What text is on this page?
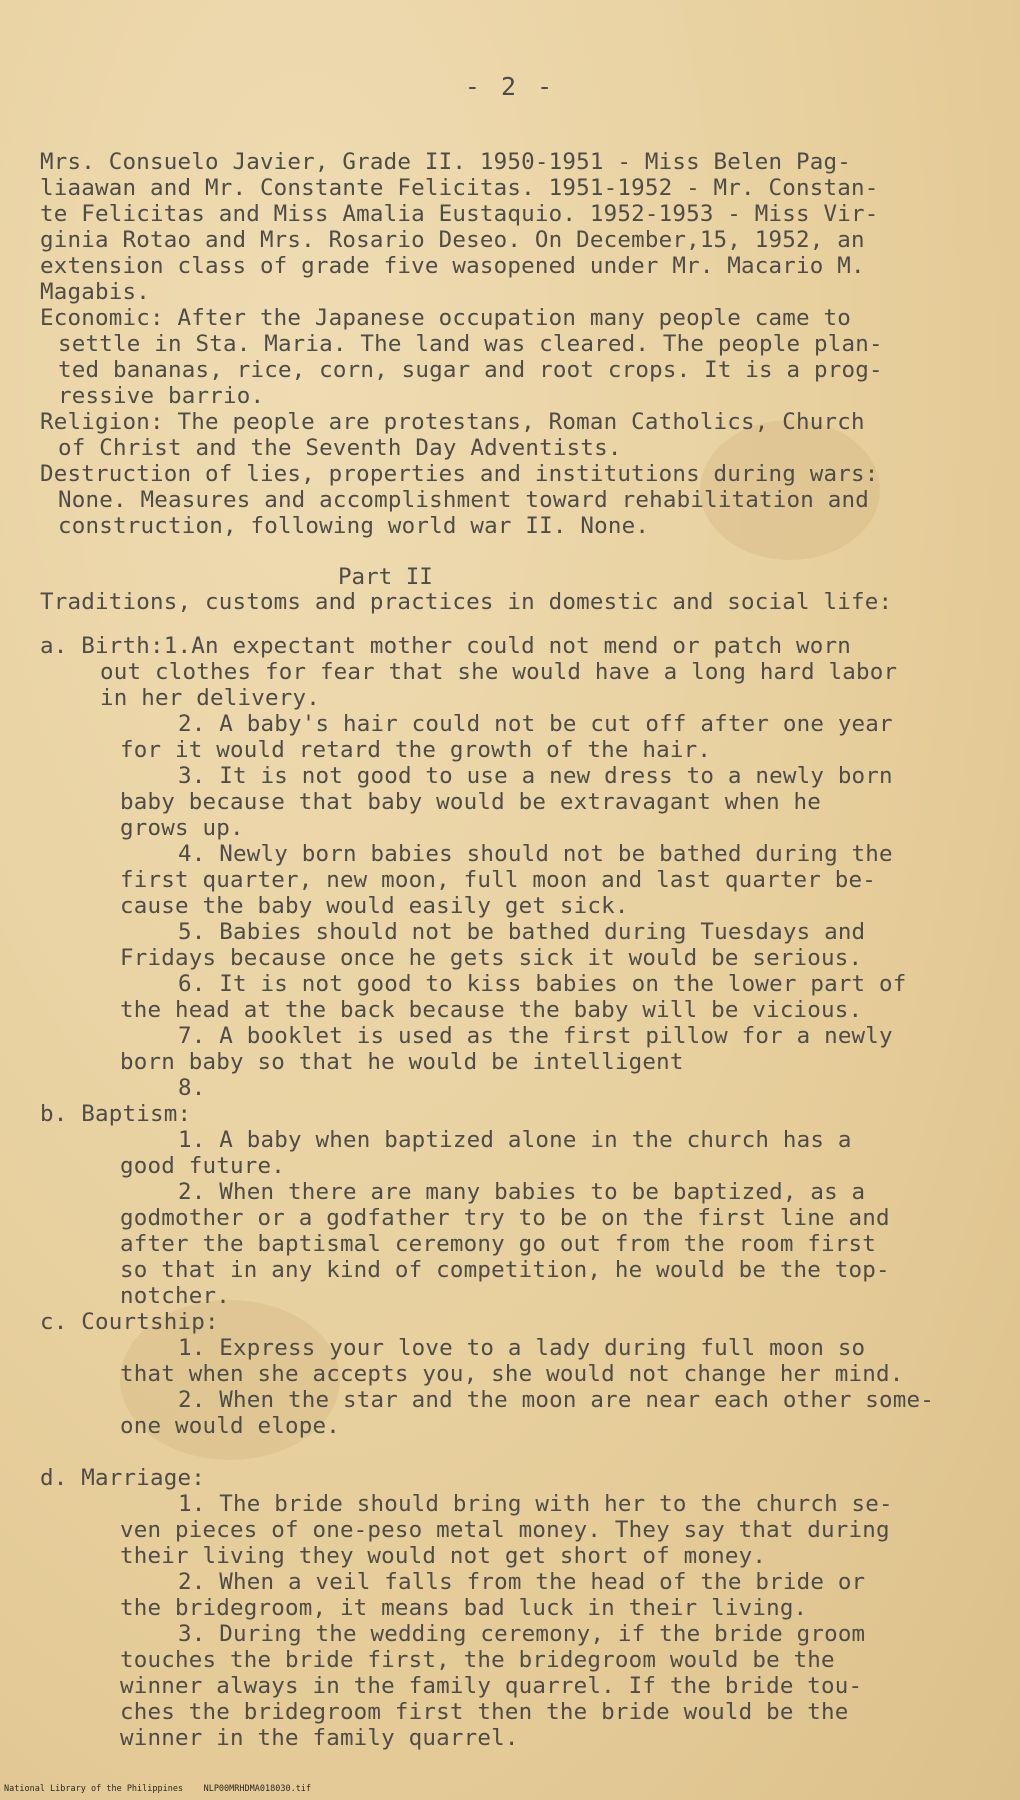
- 2 -
Mrs. Consuelo Javier, Grade II. 1950-1951 - Miss Belen Pag-
liaawan and Mr. Constante Felicitas. 1951-1952 - Mr. Constan-
te Felicitas and Miss Amalia Eustaquio. 1952-1953 - Miss Vir-
ginia Rotao and Mrs. Rosario Deseo. On December,15, 1952, an
extension class of grade five wasopened under Mr. Macario M.
Magabis.
Economic: After the Japanese occupation many people came to
settle in Sta. Maria. The land was cleared. The people plan-
ted bananas, rice, corn, sugar and root crops. It is a prog-
ressive barrio.
Religion: The people are protestans, Roman Catholics, Church
of Christ and the Seventh Day Adventists.
Destruction of lies, properties and institutions during wars:
None. Measures and accomplishment toward rehabilitation and
construction, following world war II. None.
Part II
Traditions, customs and practices in domestic and social life:
a. Birth:1.An expectant mother could not mend or patch worn
out clothes for fear that she would have a long hard labor
in her delivery.
2. A baby's hair could not be cut off after one year
for it would retard the growth of the hair.
3. It is not good to use a new dress to a newly born
baby because that baby would be extravagant when he
grows up.
4. Newly born babies should not be bathed during the
first quarter, new moon, full moon and last quarter be-
cause the baby would easily get sick.
5. Babies should not be bathed during Tuesdays and
Fridays because once he gets sick it would be serious.
6. It is not good to kiss babies on the lower part of
the head at the back because the baby will be vicious.
7. A booklet is used as the first pillow for a newly
born baby so that he would be intelligent
8.
b. Baptism:
1. A baby when baptized alone in the church has a
good future.
2. When there are many babies to be baptized, as a
godmother or a godfather try to be on the first line and
after the baptismal ceremony go out from the room first
so that in any kind of competition, he would be the top-
notcher.
c. Courtship:
1. Express your love to a lady during full moon so
that when she accepts you, she would not change her mind.
2. When the star and the moon are near each other some-
one would elope.
d. Marriage:
1. The bride should bring with her to the church se-
ven pieces of one-peso metal money. They say that during
their living they would not get short of money.
2. When a veil falls from the head of the bride or
the bridegroom, it means bad luck in their living.
3. During the wedding ceremony, if the bride groom
touches the bride first, the bridegroom would be the
winner always in the family quarrel. If the bride tou-
ches the bridegroom first then the bride would be the
winner in the family quarrel.
National Library of the Philippines    NLP00MRHDMA018030.tif
